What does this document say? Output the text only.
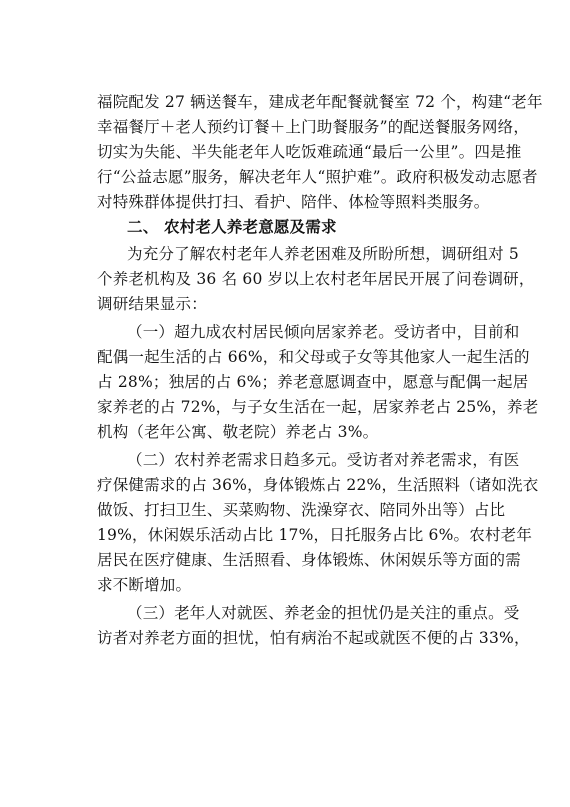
福院配发 27 辆送餐车，建成老年配餐就餐室 72 个，构建“老年
幸福餐厅＋老人预约订餐＋上门助餐服务”的配送餐服务网络，
切实为失能、半失能老年人吃饭难疏通“最后一公里”。四是推
行“公益志愿”服务，解决老年人“照护难”。政府积极发动志愿者
对特殊群体提供打扫、看护、陪伴、体检等照料类服务。
二、 农村老人养老意愿及需求
为充分了解农村老年人养老困难及所盼所想，调研组对 5
个养老机构及 36 名 60 岁以上农村老年居民开展了问卷调研，
调研结果显示：
（一）超九成农村居民倾向居家养老。受访者中，目前和
配偶一起生活的占 66%，和父母或子女等其他家人一起生活的
占 28%；独居的占 6%；养老意愿调查中，愿意与配偶一起居
家养老的占 72%，与子女生活在一起，居家养老占 25%，养老
机构（老年公寓、敬老院）养老占 3%。
（二）农村养老需求日趋多元。受访者对养老需求，有医
疗保健需求的占 36%，身体锻炼占 22%，生活照料（诸如洗衣
做饭、打扫卫生、买菜购物、洗澡穿衣、陪同外出等）占比
19%，休闲娱乐活动占比 17%，日托服务占比 6%。农村老年
居民在医疗健康、生活照看、身体锻炼、休闲娱乐等方面的需
求不断增加。
（三）老年人对就医、养老金的担忧仍是关注的重点。受
访者对养老方面的担忧，怕有病治不起或就医不便的占 33%，
